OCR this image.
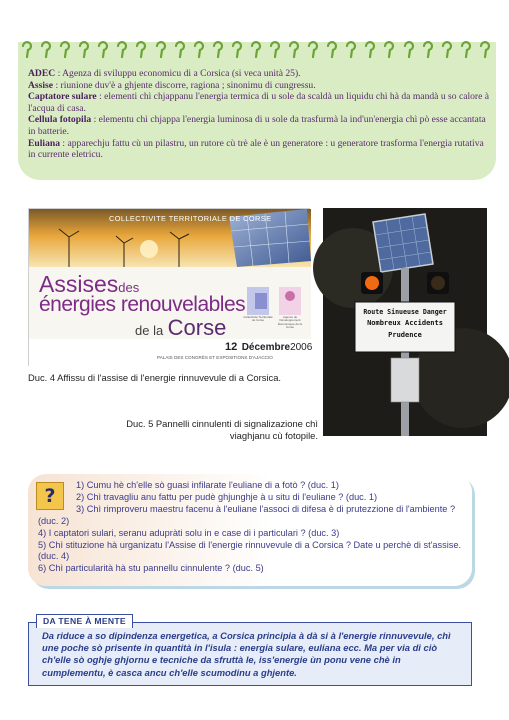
ADEC : Agenza di sviluppu economicu di a Corsica (si veca unità 25).

Assise : riunione duv'è a ghjente discorre, ragiona ; sinonimu di cungressu.

Captatore sulare : elementi chì chjappanu l'energia termica di u sole da scaldà un liquidu chì hà da mandà u so calore à l'acqua di casa.

Cellula fotopila : elementu chì chjappa l'energia luminosa di u sole da trasfurmà la ind'un'energia chì pò esse accantata in batterie.

Euliana : apparechju fattu cù un pilastru, un rutore cù trè ale è un generatore : u generatore trasforma l'energia rutativa in currente eletricu.

COLLECTIVITE TERRITORIALE DE CORSE
Assisesdes
énergies renouvelables
de la Corse	Collectivité Territoriale de Corse
Agence de Développement Économique de la Corse
12 Décembre2006
PALAIS DES CONGRÈS ET EXPOSITIONS D'AJACCIO
Route Sinueuse Danger
Nombreux Accidents
Prudence
Duc. 4 Affissu di l'assise di l'energie rinnuvevule di a Corsica.
Duc. 5 Pannelli cinnulenti di signalizazione chì
viaghjanu cù fotopile.
?	1) Cumu hè ch'elle sò guasi infilarate l'euliane di a fotò ? (duc. 1)
2) Chì travagliu anu fattu per pudè ghjunghje à u situ di l'euliane ? (duc. 1)
3) Chì rimproveru maestru facenu à l'euliane l'associ di difesa è di prutezzione di l'ambiente ?
(duc. 2)
4) I captatori sulari, seranu adupràti solu in e case di i particulari ? (duc. 3)
5) Chì stituzione hà urganizatu l'Assise di l'energie rinnuvevule di a Corsica ? Date u perchè di st'assise.
(duc. 4)
6) Chì particularità hà stu pannellu cinnulente ? (duc. 5)
DA TENE À MENTE
Da riduce a so dipindenza energetica, a Corsica principia à dà si à l'energie rinnuvevule, chì une poche sò prisente in quantità in l'isula : energia sulare, euliana ecc. Ma per via di ciò ch'elle sò oghje ghjornu e tecniche da sfruttà le, iss'energie ùn ponu vene chè in cumplementu, è casca ancu ch'elle scumodinu a ghjente.
